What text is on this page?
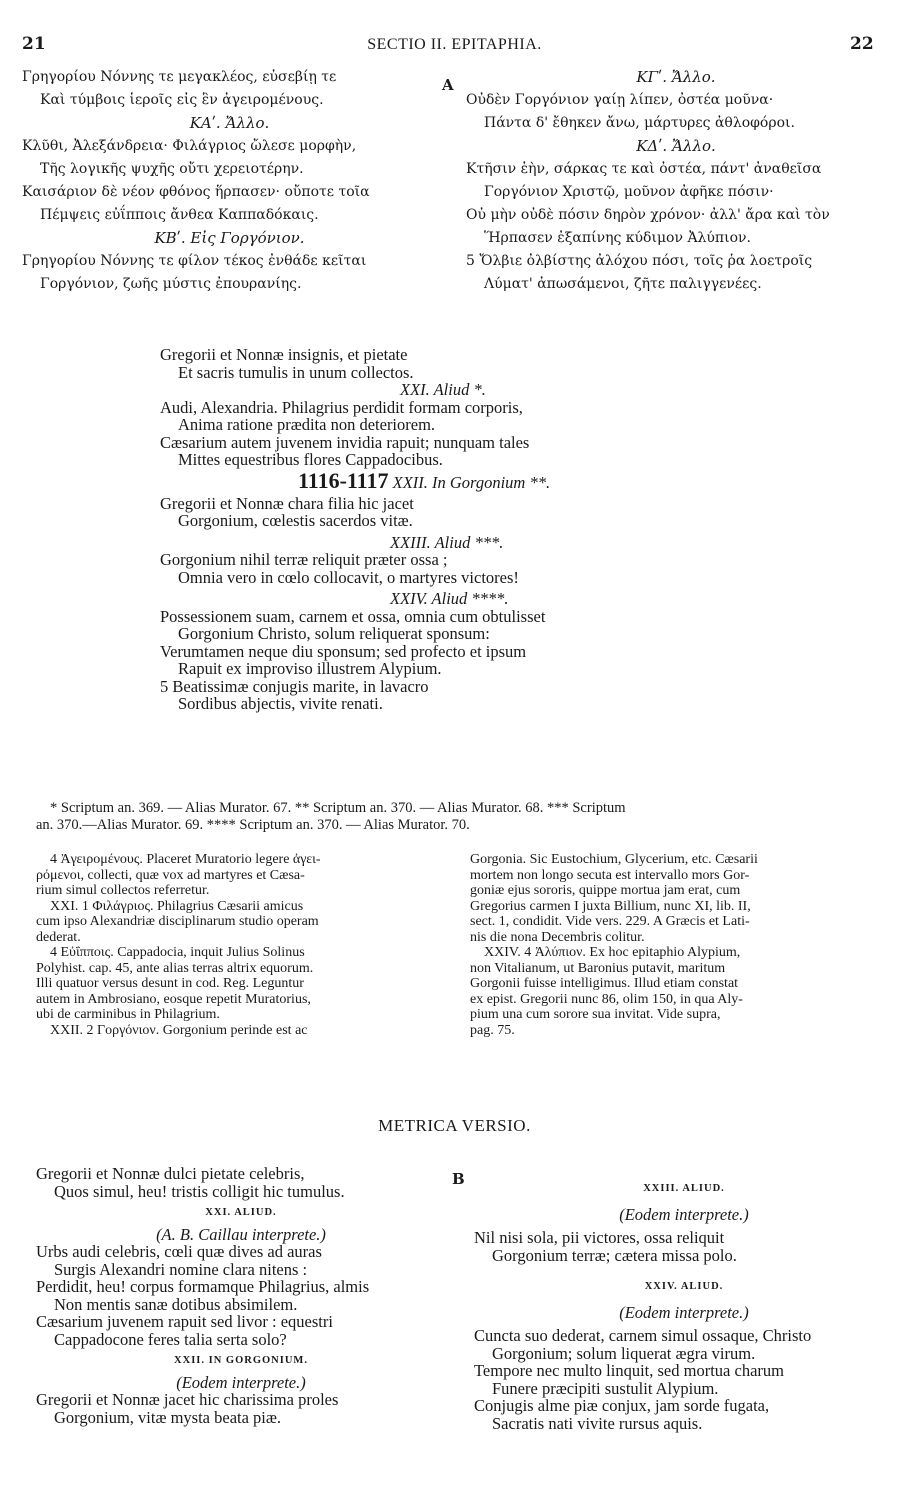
21	SECTIO II. EPITAPHIA.	22
Γρηγορίου Νόννης τε μεγακλέος, εὐσεβίῃ τε
Καὶ τύμβοις ἱεροῖς εἰς ἓν ἀγειρομένους.
ΚΑʹ. Ἄλλο.
Κλῦθι, Ἀλεξάνδρεια· Φιλάγριος ὤλεσε μορφὴν,
Τῆς λογικῆς ψυχῆς οὔτι χερειοτέρην.
Καισάριον δὲ νέον φθόνος ἥρπασεν· οὔποτε τοῖα
Πέμψεις εὐΐπποις ἄνθεα Καππαδόκαις.
ΚΒʹ. Εἰς Γοργόνιον.
Γρηγορίου Νόννης τε φίλον τέκος ἐνθάδε κεῖται
Γοργόνιον, ζωῆς μύστις ἐπουρανίης.
A	ΚΓʹ. Ἄλλο.
Οὐδὲν Γοργόνιον γαίῃ λίπεν, ὀστέα μοῦνα·
Πάντα δ' ἔθηκεν ἄνω, μάρτυρες ἀθλοφόροι.
ΚΔʹ. Ἄλλο.
Κτῆσιν ἑὴν, σάρκας τε καὶ ὀστέα, πάντ' ἀναθεῖσα
Γοργόνιον Χριστῷ, μοῦνον ἀφῆκε πόσιν·
Οὐ μὴν οὐδὲ πόσιν δηρὸν χρόνον· ἀλλ' ἄρα καὶ τὸν
Ἥρπασεν ἐξαπίνης κύδιμον Ἀλύπιον.
5 Ὄλβιε ὀλβίστης ἀλόχου πόσι, τοῖς ῥα λοετροῖς
Λύματ' ἀπωσάμενοι, ζῆτε παλιγγενέες.
Gregorii et Nonnæ insignis, et pietate
Et sacris tumulis in unum collectos.
XXI. Aliud *.
Audi, Alexandria. Philagrius perdidit formam corporis,
Anima ratione prædita non deteriorem.
Cæsarium autem juvenem invidia rapuit; nunquam tales
Mittes equestribus flores Cappadocibus.
1116-1117 XXII. In Gorgonium **.
Gregorii et Nonnæ chara filia hic jacet
Gorgonium, cœlestis sacerdos vitæ.
XXIII. Aliud ***.
Gorgonium nihil terræ reliquit præter ossa ;
Omnia vero in cœlo collocavit, o martyres victores!
XXIV. Aliud ****.
Possessionem suam, carnem et ossa, omnia cum obtulisset
Gorgonium Christo, solum reliquerat sponsum:
Verumtamen neque diu sponsum; sed profecto et ipsum
Rapuit ex improviso illustrem Alypium.
5 Beatissimæ conjugis marite, in lavacro
Sordibus abjectis, vivite renati.
* Scriptum an. 369. — Alias Murator. 67. ** Scriptum an. 370. — Alias Murator. 68. *** Scriptum
an. 370.—Alias Murator. 69. **** Scriptum an. 370. — Alias Murator. 70.
4 Ἀγειρομένους. Placeret Muratorio legere ἀγει-
ρόμενοι, collecti, quæ vox ad martyres et Cæsa-
rium simul collectos referretur.
XXI. 1 Φιλάγριος. Philagrius Cæsarii amicus
cum ipso Alexandriæ disciplinarum studio operam
dederat.
4 Εὐΐπποις. Cappadocia, inquit Julius Solinus
Polyhist. cap. 45, ante alias terras altrix equorum.
Illi quatuor versus desunt in cod. Reg. Leguntur
autem in Ambrosiano, eosque repetit Muratorius,
ubi de carminibus in Philagrium.
XXII. 2 Γοργόνιον. Gorgonium perinde est ac
Gorgonia. Sic Eustochium, Glycerium, etc. Cæsarii
mortem non longo secuta est intervallo mors Gor-
goniæ ejus sororis, quippe mortua jam erat, cum
Gregorius carmen I juxta Billium, nunc XI, lib. II,
sect. 1, condidit. Vide vers. 229. A Græcis et Lati-
nis die nona Decembris colitur.
XXIV. 4 Ἀλύπιον. Ex hoc epitaphio Alypium,
non Vitalianum, ut Baronius putavit, maritum
Gorgonii fuisse intelligimus. Illud etiam constat
ex epist. Gregorii nunc 86, olim 150, in qua Aly-
pium una cum sorore sua invitat. Vide supra,
pag. 75.
METRICA VERSIO.
Gregorii et Nonnæ dulci pietate celebris,
Quos simul, heu! tristis colligit hic tumulus.
XXI. ALIUD.
(A. B. Caillau interprete.)
Urbs audi celebris, cœli quæ dives ad auras
Surgis Alexandri nomine clara nitens :
Perdidit, heu! corpus formamque Philagrius, almis
Non mentis sanæ dotibus absimilem.
Cæsarium juvenem rapuit sed livor : equestri
Cappadocone feres talia serta solo?
XXII. IN GORGONIUM.
(Eodem interprete.)
Gregorii et Nonnæ jacet hic charissima proles
Gorgonium, vitæ mysta beata piæ.
B
XXIII. ALIUD.
(Eodem interprete.)
Nil nisi sola, pii victores, ossa reliquit
Gorgonium terræ; cætera missa polo.
XXIV. ALIUD.
(Eodem interprete.)
Cuncta suo dederat, carnem simul ossaque, Christo
Gorgonium; solum liquerat ægra virum.
Tempore nec multo linquit, sed mortua charum
Funere præcipiti sustulit Alypium.
Conjugis alme piæ conjux, jam sorde fugata,
Sacratis nati vivite rursus aquis.
